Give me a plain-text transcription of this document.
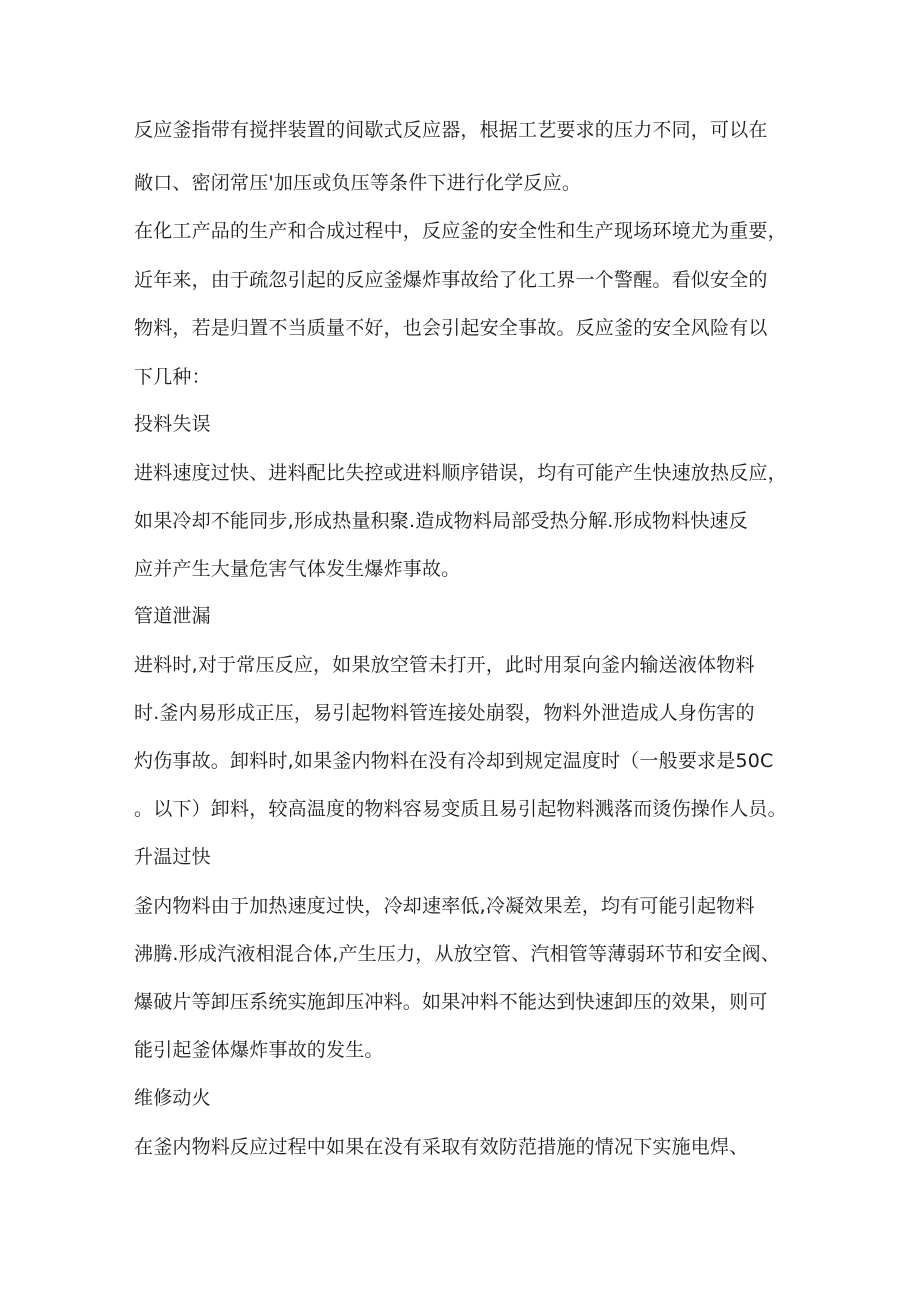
反应釜指带有搅拌装置的间歇式反应器，根据工艺要求的压力不同，可以在
敞口、密闭常压'加压或负压等条件下进行化学反应。
在化工产品的生产和合成过程中，反应釜的安全性和生产现场环境尤为重要，
近年来，由于疏忽引起的反应釜爆炸事故给了化工界一个警醒。看似安全的
物料，若是归置不当质量不好，也会引起安全事故。反应釜的安全风险有以
下几种：
投料失误
进料速度过快、进料配比失控或进料顺序错误，均有可能产生快速放热反应，
如果冷却不能同步,形成热量积聚.造成物料局部受热分解.形成物料快速反
应并产生大量危害气体发生爆炸事故。
管道泄漏
进料时,对于常压反应，如果放空管未打开，此时用泵向釜内输送液体物料
时.釜内易形成正压，易引起物料管连接处崩裂，物料外泄造成人身伤害的
灼伤事故。卸料时,如果釜内物料在没有冷却到规定温度时（一般要求是50C
。以下）卸料，较高温度的物料容易变质且易引起物料溅落而烫伤操作人员。
升温过快
釜内物料由于加热速度过快，冷却速率低,冷凝效果差，均有可能引起物料
沸腾.形成汽液相混合体,产生压力，从放空管、汽相管等薄弱环节和安全阀、
爆破片等卸压系统实施卸压冲料。如果冲料不能达到快速卸压的效果，则可
能引起釜体爆炸事故的发生。
维修动火
在釜内物料反应过程中如果在没有采取有效防范措施的情况下实施电焊、
